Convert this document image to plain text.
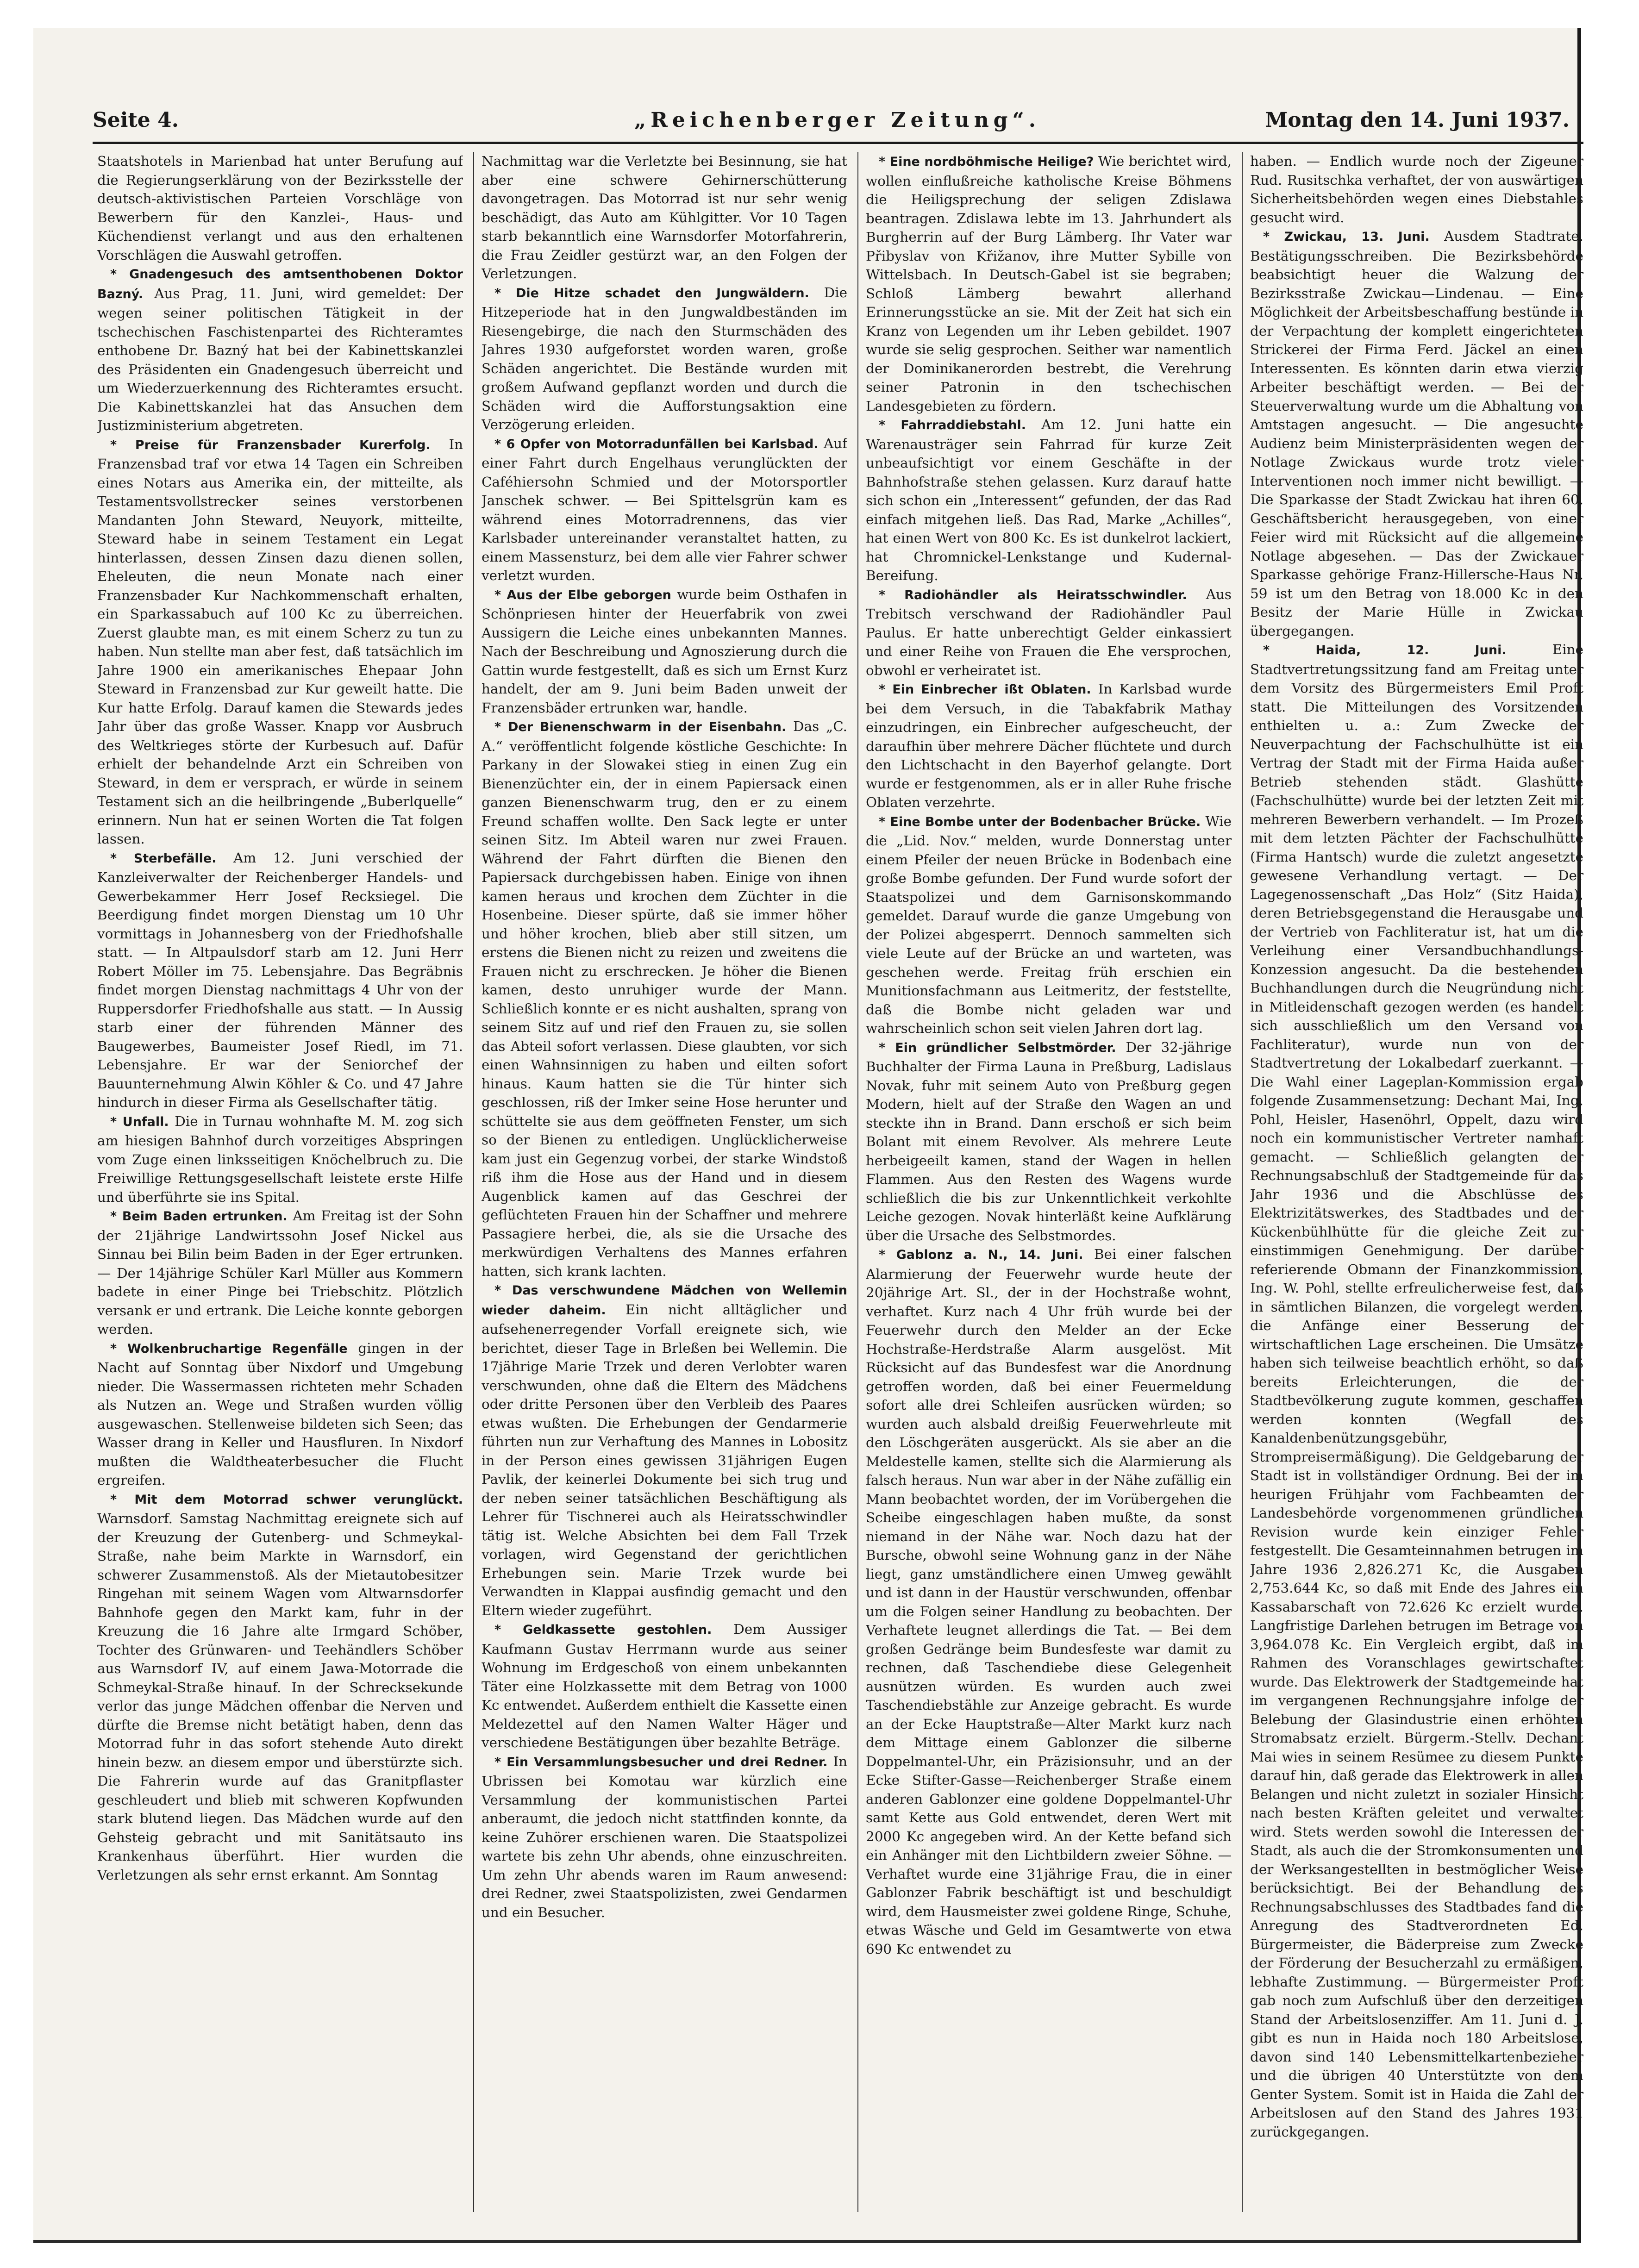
Seite 4.	„Reichenberger Zeitung“.	Montag den 14. Juni 1937.

Staatshotels in Marienbad hat unter Berufung auf die Regierungserklärung von der Bezirksstelle der deutsch-aktivistischen Parteien Vorschläge von Bewerbern für den Kanzlei-, Haus- und Küchendienst verlangt und aus den erhaltenen Vorschlägen die Auswahl getroffen.

* Gnadengesuch des amtsenthobenen Doktor Bazný. Aus Prag, 11. Juni, wird gemeldet: Der wegen seiner politischen Tätigkeit in der tschechischen Faschistenpartei des Richteramtes enthobene Dr. Bazný hat bei der Kabinettskanzlei des Präsidenten ein Gnadengesuch überreicht und um Wiederzuerkennung des Richteramtes ersucht. Die Kabinettskanzlei hat das Ansuchen dem Justizministerium abgetreten.

* Preise für Franzensbader Kurerfolg. In Franzensbad traf vor etwa 14 Tagen ein Schreiben eines Notars aus Amerika ein, der mitteilte, als Testamentsvollstrecker seines verstorbenen Mandanten John Steward, Neuyork, mitteilte, Steward habe in seinem Testament ein Legat hinterlassen, dessen Zinsen dazu dienen sollen, Eheleuten, die neun Monate nach einer Franzensbader Kur Nachkommenschaft erhalten, ein Sparkassabuch auf 100 Kc zu überreichen. Zuerst glaubte man, es mit einem Scherz zu tun zu haben. Nun stellte man aber fest, daß tatsächlich im Jahre 1900 ein amerikanisches Ehepaar John Steward in Franzensbad zur Kur geweilt hatte. Die Kur hatte Erfolg. Darauf kamen die Stewards jedes Jahr über das große Wasser. Knapp vor Ausbruch des Weltkrieges störte der Kurbesuch auf. Dafür erhielt der behandelnde Arzt ein Schreiben von Steward, in dem er versprach, er würde in seinem Testament sich an die heilbringende „Buberlquelle“ erinnern. Nun hat er seinen Worten die Tat folgen lassen.

* Sterbefälle. Am 12. Juni verschied der Kanzleiverwalter der Reichenberger Handels- und Gewerbekammer Herr Josef Recksiegel. Die Beerdigung findet morgen Dienstag um 10 Uhr vormittags in Johannesberg von der Friedhofshalle statt. — In Altpaulsdorf starb am 12. Juni Herr Robert Möller im 75. Lebensjahre. Das Begräbnis findet morgen Dienstag nachmittags 4 Uhr von der Ruppersdorfer Friedhofshalle aus statt. — In Aussig starb einer der führenden Männer des Baugewerbes, Baumeister Josef Riedl, im 71. Lebensjahre. Er war der Seniorchef der Bauunternehmung Alwin Köhler & Co. und 47 Jahre hindurch in dieser Firma als Gesellschafter tätig.

* Unfall. Die in Turnau wohnhafte M. M. zog sich am hiesigen Bahnhof durch vorzeitiges Abspringen vom Zuge einen linksseitigen Knöchelbruch zu. Die Freiwillige Rettungsgesellschaft leistete erste Hilfe und überführte sie ins Spital.

* Beim Baden ertrunken. Am Freitag ist der Sohn der 21jährige Landwirtssohn Josef Nickel aus Sinnau bei Bilin beim Baden in der Eger ertrunken. — Der 14jährige Schüler Karl Müller aus Kommern badete in einer Pinge bei Triebschitz. Plötzlich versank er und ertrank. Die Leiche konnte geborgen werden.

* Wolkenbruchartige Regenfälle gingen in der Nacht auf Sonntag über Nixdorf und Umgebung nieder. Die Wassermassen richteten mehr Schaden als Nutzen an. Wege und Straßen wurden völlig ausgewaschen. Stellenweise bildeten sich Seen; das Wasser drang in Keller und Hausfluren. In Nixdorf mußten die Waldtheaterbesucher die Flucht ergreifen.

* Mit dem Motorrad schwer verunglückt. Warnsdorf. Samstag Nachmittag ereignete sich auf der Kreuzung der Gutenberg- und Schmeykal-Straße, nahe beim Markte in Warnsdorf, ein schwerer Zusammenstoß. Als der Mietautobesitzer Ringehan mit seinem Wagen vom Altwarnsdorfer Bahnhofe gegen den Markt kam, fuhr in der Kreuzung die 16 Jahre alte Irmgard Schöber, Tochter des Grünwaren- und Teehändlers Schöber aus Warnsdorf IV, auf einem Jawa-Motorrade die Schmeykal-Straße hinauf. In der Schrecksekunde verlor das junge Mädchen offenbar die Nerven und dürfte die Bremse nicht betätigt haben, denn das Motorrad fuhr in das sofort stehende Auto direkt hinein bezw. an diesem empor und überstürzte sich. Die Fahrerin wurde auf das Granitpflaster geschleudert und blieb mit schweren Kopfwunden stark blutend liegen. Das Mädchen wurde auf den Gehsteig gebracht und mit Sanitätsauto ins Krankenhaus überführt. Hier wurden die Verletzungen als sehr ernst erkannt. Am Sonntag

Nachmittag war die Verletzte bei Besinnung, sie hat aber eine schwere Gehirnerschütterung davongetragen. Das Motorrad ist nur sehr wenig beschädigt, das Auto am Kühlgitter. Vor 10 Tagen starb bekanntlich eine Warnsdorfer Motorfahrerin, die Frau Zeidler gestürzt war, an den Folgen der Verletzungen.

* Die Hitze schadet den Jungwäldern. Die Hitzeperiode hat in den Jungwaldbeständen im Riesengebirge, die nach den Sturmschäden des Jahres 1930 aufgeforstet worden waren, große Schäden angerichtet. Die Bestände wurden mit großem Aufwand gepflanzt worden und durch die Schäden wird die Aufforstungsaktion eine Verzögerung erleiden.

* 6 Opfer von Motorradunfällen bei Karlsbad. Auf einer Fahrt durch Engelhaus verunglückten der Caféhiersohn Schmied und der Motorsportler Janschek schwer. — Bei Spittelsgrün kam es während eines Motorradrennens, das vier Karlsbader untereinander veranstaltet hatten, zu einem Massensturz, bei dem alle vier Fahrer schwer verletzt wurden.

* Aus der Elbe geborgen wurde beim Osthafen in Schönpriesen hinter der Heuerfabrik von zwei Aussigern die Leiche eines unbekannten Mannes. Nach der Beschreibung und Agnoszierung durch die Gattin wurde festgestellt, daß es sich um Ernst Kurz handelt, der am 9. Juni beim Baden unweit der Franzensbäder ertrunken war, handle.

* Der Bienenschwarm in der Eisenbahn. Das „C. A.“ veröffentlicht folgende köstliche Geschichte: In Parkany in der Slowakei stieg in einen Zug ein Bienenzüchter ein, der in einem Papiersack einen ganzen Bienenschwarm trug, den er zu einem Freund schaffen wollte. Den Sack legte er unter seinen Sitz. Im Abteil waren nur zwei Frauen. Während der Fahrt dürften die Bienen den Papiersack durchgebissen haben. Einige von ihnen kamen heraus und krochen dem Züchter in die Hosenbeine. Dieser spürte, daß sie immer höher und höher krochen, blieb aber still sitzen, um erstens die Bienen nicht zu reizen und zweitens die Frauen nicht zu erschrecken. Je höher die Bienen kamen, desto unruhiger wurde der Mann. Schließlich konnte er es nicht aushalten, sprang von seinem Sitz auf und rief den Frauen zu, sie sollen das Abteil sofort verlassen. Diese glaubten, vor sich einen Wahnsinnigen zu haben und eilten sofort hinaus. Kaum hatten sie die Tür hinter sich geschlossen, riß der Imker seine Hose herunter und schüttelte sie aus dem geöffneten Fenster, um sich so der Bienen zu entledigen. Unglücklicherweise kam just ein Gegenzug vorbei, der starke Windstoß riß ihm die Hose aus der Hand und in diesem Augenblick kamen auf das Geschrei der geflüchteten Frauen hin der Schaffner und mehrere Passagiere herbei, die, als sie die Ursache des merkwürdigen Verhaltens des Mannes erfahren hatten, sich krank lachten.

* Das verschwundene Mädchen von Wellemin wieder daheim. Ein nicht alltäglicher und aufsehenerregender Vorfall ereignete sich, wie berichtet, dieser Tage in Brleßen bei Wellemin. Die 17jährige Marie Trzek und deren Verlobter waren verschwunden, ohne daß die Eltern des Mädchens oder dritte Personen über den Verbleib des Paares etwas wußten. Die Erhebungen der Gendarmerie führten nun zur Verhaftung des Mannes in Lobositz in der Person eines gewissen 31jährigen Eugen Pavlik, der keinerlei Dokumente bei sich trug und der neben seiner tatsächlichen Beschäftigung als Lehrer für Tischnerei auch als Heiratsschwindler tätig ist. Welche Absichten bei dem Fall Trzek vorlagen, wird Gegenstand der gerichtlichen Erhebungen sein. Marie Trzek wurde bei Verwandten in Klappai ausfindig gemacht und den Eltern wieder zugeführt.

* Geldkassette gestohlen. Dem Aussiger Kaufmann Gustav Herrmann wurde aus seiner Wohnung im Erdgeschoß von einem unbekannten Täter eine Holzkassette mit dem Betrag von 1000 Kc entwendet. Außerdem enthielt die Kassette einen Meldezettel auf den Namen Walter Häger und verschiedene Bestätigungen über bezahlte Beträge.

* Ein Versammlungsbesucher und drei Redner. In Ubrissen bei Komotau war kürzlich eine Versammlung der kommunistischen Partei anberaumt, die jedoch nicht stattfinden konnte, da keine Zuhörer erschienen waren. Die Staatspolizei wartete bis zehn Uhr abends, ohne einzuschreiten. Um zehn Uhr abends waren im Raum anwesend: drei Redner, zwei Staatspolizisten, zwei Gendarmen und ein Besucher.

* Eine nordböhmische Heilige? Wie berichtet wird, wollen einflußreiche katholische Kreise Böhmens die Heiligsprechung der seligen Zdislawa beantragen. Zdislawa lebte im 13. Jahrhundert als Burgherrin auf der Burg Lämberg. Ihr Vater war Přibyslav von Křižanov, ihre Mutter Sybille von Wittelsbach. In Deutsch-Gabel ist sie begraben; Schloß Lämberg bewahrt allerhand Erinnerungsstücke an sie. Mit der Zeit hat sich ein Kranz von Legenden um ihr Leben gebildet. 1907 wurde sie selig gesprochen. Seither war namentlich der Dominikanerorden bestrebt, die Verehrung seiner Patronin in den tschechischen Landesgebieten zu fördern.

* Fahrraddiebstahl. Am 12. Juni hatte ein Warenausträger sein Fahrrad für kurze Zeit unbeaufsichtigt vor einem Geschäfte in der Bahnhofstraße stehen gelassen. Kurz darauf hatte sich schon ein „Interessent“ gefunden, der das Rad einfach mitgehen ließ. Das Rad, Marke „Achilles“, hat einen Wert von 800 Kc. Es ist dunkelrot lackiert, hat Chromnickel-Lenkstange und Kudernal-Bereifung.

* Radiohändler als Heiratsschwindler. Aus Trebitsch verschwand der Radiohändler Paul Paulus. Er hatte unberechtigt Gelder einkassiert und einer Reihe von Frauen die Ehe versprochen, obwohl er verheiratet ist.

* Ein Einbrecher ißt Oblaten. In Karlsbad wurde bei dem Versuch, in die Tabakfabrik Mathay einzudringen, ein Einbrecher aufgescheucht, der daraufhin über mehrere Dächer flüchtete und durch den Lichtschacht in den Bayerhof gelangte. Dort wurde er festgenommen, als er in aller Ruhe frische Oblaten verzehrte.

* Eine Bombe unter der Bodenbacher Brücke. Wie die „Lid. Nov.“ melden, wurde Donnerstag unter einem Pfeiler der neuen Brücke in Bodenbach eine große Bombe gefunden. Der Fund wurde sofort der Staatspolizei und dem Garnisonskommando gemeldet. Darauf wurde die ganze Umgebung von der Polizei abgesperrt. Dennoch sammelten sich viele Leute auf der Brücke an und warteten, was geschehen werde. Freitag früh erschien ein Munitionsfachmann aus Leitmeritz, der feststellte, daß die Bombe nicht geladen war und wahrscheinlich schon seit vielen Jahren dort lag.

* Ein gründlicher Selbstmörder. Der 32-jährige Buchhalter der Firma Launa in Preßburg, Ladislaus Novak, fuhr mit seinem Auto von Preßburg gegen Modern, hielt auf der Straße den Wagen an und steckte ihn in Brand. Dann erschoß er sich beim Bolant mit einem Revolver. Als mehrere Leute herbeigeeilt kamen, stand der Wagen in hellen Flammen. Aus den Resten des Wagens wurde schließlich die bis zur Unkenntlichkeit verkohlte Leiche gezogen. Novak hinterläßt keine Aufklärung über die Ursache des Selbstmordes.

* Gablonz a. N., 14. Juni. Bei einer falschen Alarmierung der Feuerwehr wurde heute der 20jährige Art. Sl., der in der Hochstraße wohnt, verhaftet. Kurz nach 4 Uhr früh wurde bei der Feuerwehr durch den Melder an der Ecke Hochstraße-Herdstraße Alarm ausgelöst. Mit Rücksicht auf das Bundesfest war die Anordnung getroffen worden, daß bei einer Feuermeldung sofort alle drei Schleifen ausrücken würden; so wurden auch alsbald dreißig Feuerwehrleute mit den Löschgeräten ausgerückt. Als sie aber an die Meldestelle kamen, stellte sich die Alarmierung als falsch heraus. Nun war aber in der Nähe zufällig ein Mann beobachtet worden, der im Vorübergehen die Scheibe eingeschlagen haben mußte, da sonst niemand in der Nähe war. Noch dazu hat der Bursche, obwohl seine Wohnung ganz in der Nähe liegt, ganz umständlichere einen Umweg gewählt und ist dann in der Haustür verschwunden, offenbar um die Folgen seiner Handlung zu beobachten. Der Verhaftete leugnet allerdings die Tat. — Bei dem großen Gedränge beim Bundesfeste war damit zu rechnen, daß Taschendiebe diese Gelegenheit ausnützen würden. Es wurden auch zwei Taschendiebstähle zur Anzeige gebracht. Es wurde an der Ecke Hauptstraße—Alter Markt kurz nach dem Mittage einem Gablonzer die silberne Doppelmantel-Uhr, ein Präzisionsuhr, und an der Ecke Stifter-Gasse—Reichenberger Straße einem anderen Gablonzer eine goldene Doppelmantel-Uhr samt Kette aus Gold entwendet, deren Wert mit 2000 Kc angegeben wird. An der Kette befand sich ein Anhänger mit den Lichtbildern zweier Söhne. — Verhaftet wurde eine 31jährige Frau, die in einer Gablonzer Fabrik beschäftigt ist und beschuldigt wird, dem Hausmeister zwei goldene Ringe, Schuhe, etwas Wäsche und Geld im Gesamtwerte von etwa 690 Kc entwendet zu

haben. — Endlich wurde noch der Zigeuner Rud. Rusitschka verhaftet, der von auswärtigen Sicherheitsbehörden wegen eines Diebstahles gesucht wird.

* Zwickau, 13. Juni. Ausdem Stadtrate. Bestätigungsschreiben. Die Bezirksbehörde beabsichtigt heuer die Walzung der Bezirksstraße Zwickau—Lindenau. — Eine Möglichkeit der Arbeitsbeschaffung bestünde in der Verpachtung der komplett eingerichteten Strickerei der Firma Ferd. Jäckel an einen Interessenten. Es könnten darin etwa vierzig Arbeiter beschäftigt werden. — Bei der Steuerverwaltung wurde um die Abhaltung von Amtstagen angesucht. — Die angesuchte Audienz beim Ministerpräsidenten wegen der Notlage Zwickaus wurde trotz vieler Interventionen noch immer nicht bewilligt. — Die Sparkasse der Stadt Zwickau hat ihren 60. Geschäftsbericht herausgegeben, von einer Feier wird mit Rücksicht auf die allgemeine Notlage abgesehen. — Das der Zwickauer Sparkasse gehörige Franz-Hillersche-Haus Nr. 59 ist um den Betrag von 18.000 Kc in den Besitz der Marie Hülle in Zwickau übergegangen.

* Haida, 12. Juni.	Eine Stadtvertretungssitzung fand am Freitag unter dem Vorsitz des Bürgermeisters Emil Proft statt. Die Mitteilungen des Vorsitzenden enthielten u. a.: Zum Zwecke der Neuverpachtung der Fachschulhütte ist ein Vertrag der Stadt mit der Firma Haida außer Betrieb stehenden städt. Glashütte (Fachschulhütte) wurde bei der letzten Zeit mit mehreren Bewerbern verhandelt. — Im Prozeß mit dem letzten Pächter der Fachschulhütte (Firma Hantsch) wurde die zuletzt angesetzte gewesene Verhandlung vertagt. — Der Lagegenossenschaft „Das Holz“ (Sitz Haida), deren Betriebsgegenstand die Herausgabe und der Vertrieb von Fachliteratur ist, hat um die Verleihung einer Versandbuchhandlungs-Konzession angesucht. Da die bestehenden Buchhandlungen durch die Neugründung nicht in Mitleidenschaft gezogen werden (es handelt sich ausschließlich um den Versand von Fachliteratur), wurde nun von der Stadtvertretung der Lokalbedarf zuerkannt. — Die Wahl einer Lageplan-Kommission ergab folgende Zusammensetzung: Dechant Mai, Ing. Pohl, Heisler, Hasenöhrl, Oppelt, dazu wird noch ein kommunistischer Vertreter namhaft gemacht. — Schließlich gelangten der Rechnungsabschluß der Stadtgemeinde für das Jahr 1936 und die Abschlüsse des Elektrizitätswerkes, des Stadtbades und der Kückenbühlhütte für die gleiche Zeit zur einstimmigen Genehmigung. Der darüber referierende Obmann der Finanzkommission, Ing. W. Pohl, stellte erfreulicherweise fest, daß in sämtlichen Bilanzen, die vorgelegt werden, die Anfänge einer Besserung der wirtschaftlichen Lage erscheinen. Die Umsätze haben sich teilweise beachtlich erhöht, so daß bereits Erleichterungen, die der Stadtbevölkerung zugute kommen, geschaffen werden konnten (Wegfall des Kanaldenbenützungsgebühr, Strompreisermäßigung). Die Geldgebarung der Stadt ist in vollständiger Ordnung. Bei der im heurigen Frühjahr vom Fachbeamten der Landesbehörde vorgenommenen gründlichen Revision wurde kein einziger Fehler festgestellt. Die Gesamteinnahmen betrugen im Jahre 1936 2,826.271 Kc, die Ausgaben 2,753.644 Kc, so daß mit Ende des Jahres ein Kassabarschaft von 72.626 Kc erzielt wurde. Langfristige Darlehen betrugen im Betrage von 3,964.078 Kc. Ein Vergleich ergibt, daß im Rahmen des Voranschlages gewirtschaftet wurde. Das Elektrowerk der Stadtgemeinde hat im vergangenen Rechnungsjahre infolge der Belebung der Glasindustrie einen erhöhten Stromabsatz erzielt. Bürgerm.-Stellv. Dechant Mai wies in seinem Resümee zu diesem Punkte darauf hin, daß gerade das Elektrowerk in allen Belangen und nicht zuletzt in sozialer Hinsicht nach besten Kräften geleitet und verwaltet wird. Stets werden sowohl die Interessen der Stadt, als auch die der Stromkonsumenten und der Werksangestellten in bestmöglicher Weise berücksichtigt. Bei der Behandlung des Rechnungsabschlusses des Stadtbades fand die Anregung des Stadtverordneten Ed. Bürgermeister, die Bäderpreise zum Zwecke der Förderung der Besucherzahl zu ermäßigen, lebhafte Zustimmung. — Bürgermeister Proft gab noch zum Aufschluß über den derzeitigen Stand der Arbeitslosenziffer. Am 11. Juni d. J. gibt es nun in Haida noch 180 Arbeitslose, davon sind 140 Lebensmittelkartenbezieher und die übrigen 40 Unterstützte von dem Genter System. Somit ist in Haida die Zahl der Arbeitslosen auf den Stand des Jahres 1931 zurückgegangen.
